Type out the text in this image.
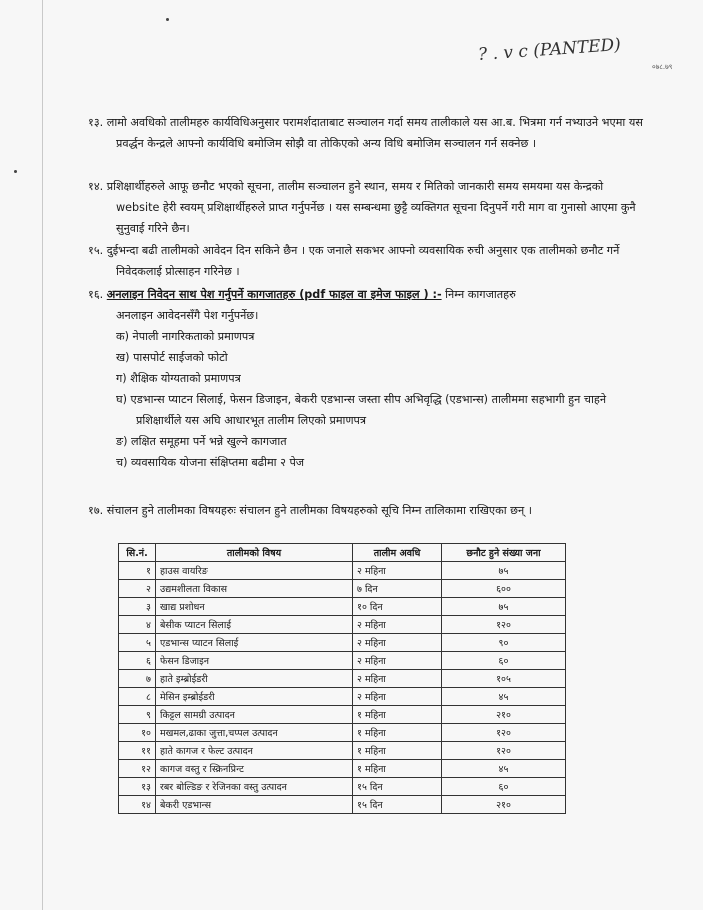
? . v c (PANTED)
०७८.७९

१३. लामो अवधिको तालीमहरु कार्यविधिअनुसार परामर्शदाताबाट सञ्चालन गर्दा समय तालीकाले यस आ.ब. भित्रमा गर्न नभ्याउने भएमा यस प्रवर्द्धन केन्द्रले आफ्नो कार्यविधि बमोजिम सोझै वा तोकिएको अन्य विधि बमोजिम सञ्चालन गर्न सक्नेछ ।

१४. प्रशिक्षार्थीहरुले आफू छनौट भएको सूचना, तालीम सञ्चालन हुने स्थान, समय र मितिको जानकारी समय समयमा यस केन्द्रको website हेरी स्वयम् प्रशिक्षार्थीहरुले प्राप्त गर्नुपर्नेछ । यस सम्बन्धमा छुट्टै व्यक्तिगत सूचना दिनुपर्ने गरी माग वा गुनासो आएमा कुनै सुनुवाई गरिने छैन।

१५. दुईभन्दा बढी तालीमको आवेदन दिन सकिने छैन । एक जनाले सकभर आफ्नो व्यवसायिक रुची अनुसार एक तालीमको छनौट गर्ने निवेदकलाई प्रोत्साहन गरिनेछ ।

१६. अनलाइन निवेदन साथ पेश गर्नुपर्ने कागजातहरु (pdf फाइल वा इमेज फाइल ) :- निम्न कागजातहरु

अनलाइन आवेदनसँगै पेश गर्नुपर्नेछ।

क) नेपाली नागरिकताको प्रमाणपत्र

ख) पासपोर्ट साईजको फोटो

ग) शैक्षिक योग्यताको प्रमाणपत्र

घ) एडभान्स प्याटन सिलाई, फेसन डिजाइन, बेकरी एडभान्स जस्ता सीप अभिवृद्धि (एडभान्स) तालीममा सहभागी हुन चाहने प्रशिक्षार्थीले यस अघि आधारभूत तालीम लिएको प्रमाणपत्र

ङ) लक्षित समूहमा पर्ने भन्ने खुल्ने कागजात

च) व्यवसायिक योजना संक्षिप्तमा बढीमा २ पेज

१७. संचालन हुने तालीमका विषयहरुः संचालन हुने तालीमका विषयहरुको सूचि निम्न तालिकामा राखिएका छन् ।

सि.नं.	तालीमको विषय	तालीम अवधि	छनौट हुने संख्या जना
१	हाउस वायरिङ	२ महिना	७५
२	उद्यमशीलता विकास	७ दिन	६००
३	खाद्य प्रशोधन	१० दिन	७५
४	बेसीक प्याटन सिलाई	२ महिना	१२०
५	एडभान्स प्याटन सिलाई	२ महिना	९०
६	फेसन डिजाइन	२ महिना	६०
७	हाते इम्ब्रोईडरी	२ महिना	१०५
८	मेसिन इम्ब्रोईडरी	२ महिना	४५
९	किट्टल सामग्री उत्पादन	१ महिना	२१०
१०	मखमल,ढाका जुत्ता,चप्पल उत्पादन	१ महिना	१२०
११	हाते कागज र फेल्ट उत्पादन	१ महिना	१२०
१२	कागज वस्तु र स्क्रिनप्रिन्ट	१ महिना	४५
१३	रबर बोल्डिङ र रेजिनका वस्तु उत्पादन	१५ दिन	६०
१४	बेकरी एडभान्स	१५ दिन	२१०
